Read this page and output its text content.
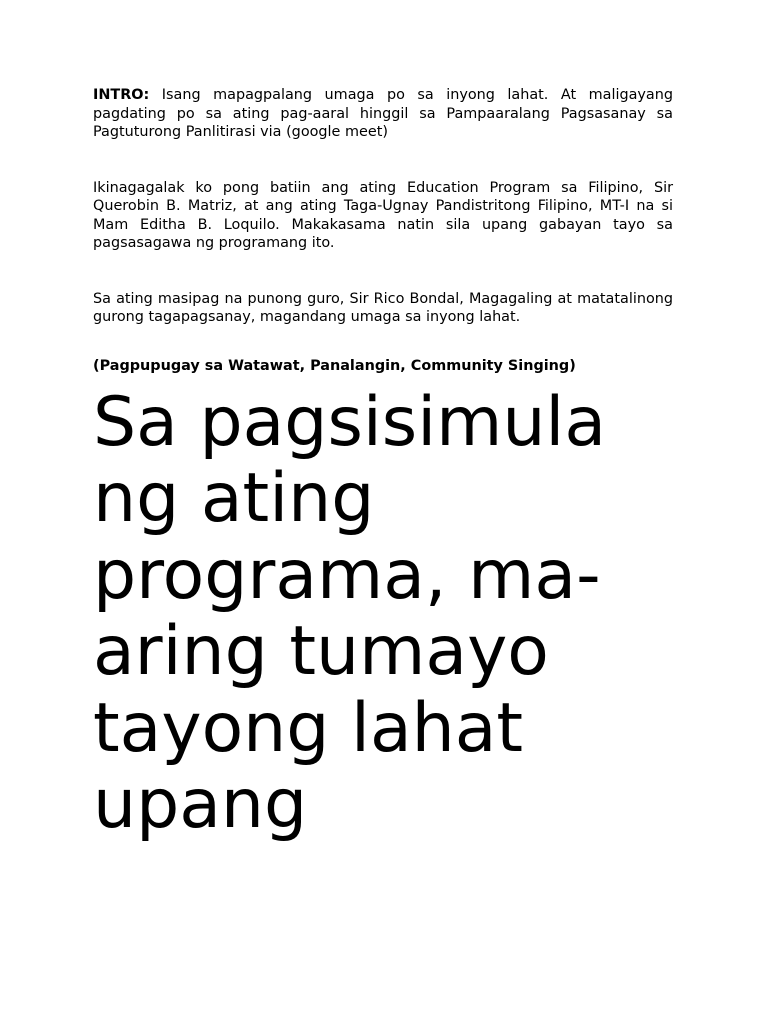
INTRO: Isang mapagpalang umaga po sa inyong lahat. At maligayang pagdating po sa ating pag-aaral hinggil sa Pampaaralang Pagsasanay sa Pagtuturong Panlitirasi via (google meet)

Ikinagagalak ko pong batiin ang ating Education Program sa Filipino, Sir Querobin B. Matriz, at ang ating Taga-Ugnay Pandistritong Filipino, MT-I na si Mam Editha B. Loquilo. Makakasama natin sila upang gabayan tayo sa pagsasagawa ng programang ito.

Sa ating masipag na punong guro, Sir Rico Bondal, Magagaling at matatalinong gurong tagapagsanay, magandang umaga sa inyong lahat.

(Pagpupugay sa Watawat, Panalangin, Community Singing)

Sa pagsisimula
ng ating
programa, ma-
aring tumayo
tayong lahat
upang
